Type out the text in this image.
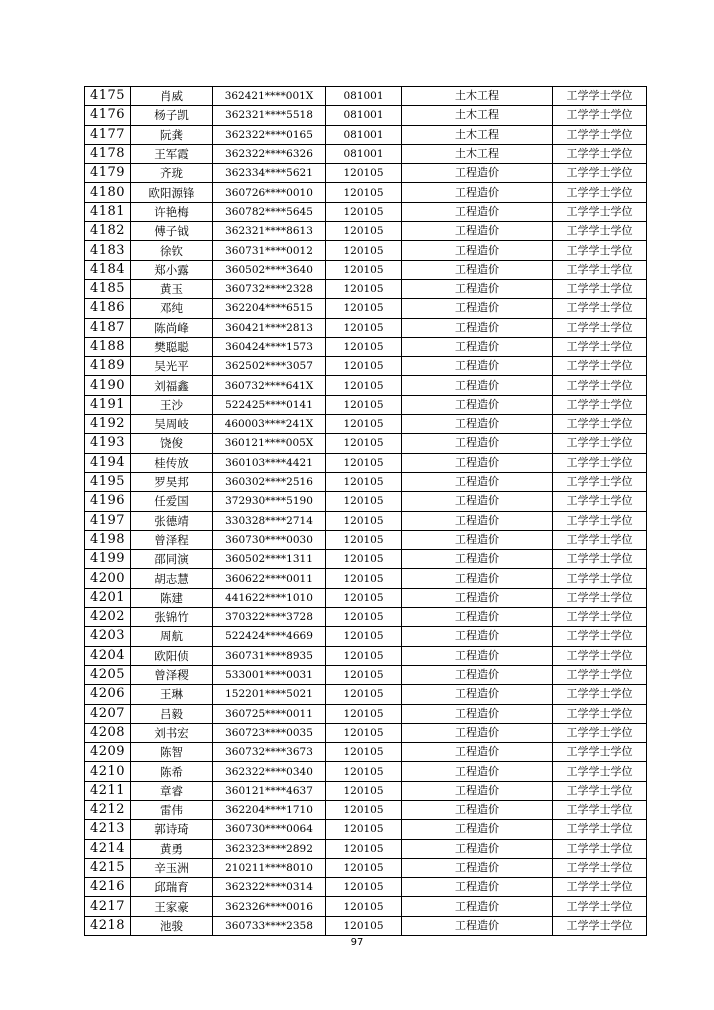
4175	肖威	362421****001X	081001	土木工程	工学学士学位
4176	杨子凯	362321****5518	081001	土木工程	工学学士学位
4177	阮龚	362322****0165	081001	土木工程	工学学士学位
4178	王军霞	362322****6326	081001	土木工程	工学学士学位
4179	齐珑	362334****5621	120105	工程造价	工学学士学位
4180	欧阳源锋	360726****0010	120105	工程造价	工学学士学位
4181	许艳梅	360782****5645	120105	工程造价	工学学士学位
4182	傅子钺	362321****8613	120105	工程造价	工学学士学位
4183	徐钦	360731****0012	120105	工程造价	工学学士学位
4184	郑小露	360502****3640	120105	工程造价	工学学士学位
4185	黄玉	360732****2328	120105	工程造价	工学学士学位
4186	邓纯	362204****6515	120105	工程造价	工学学士学位
4187	陈尚峰	360421****2813	120105	工程造价	工学学士学位
4188	樊聪聪	360424****1573	120105	工程造价	工学学士学位
4189	吴光平	362502****3057	120105	工程造价	工学学士学位
4190	刘福鑫	360732****641X	120105	工程造价	工学学士学位
4191	王沙	522425****0141	120105	工程造价	工学学士学位
4192	吴周岐	460003****241X	120105	工程造价	工学学士学位
4193	饶俊	360121****005X	120105	工程造价	工学学士学位
4194	桂传放	360103****4421	120105	工程造价	工学学士学位
4195	罗昊邦	360302****2516	120105	工程造价	工学学士学位
4196	任爱国	372930****5190	120105	工程造价	工学学士学位
4197	张德靖	330328****2714	120105	工程造价	工学学士学位
4198	曾泽程	360730****0030	120105	工程造价	工学学士学位
4199	邵同演	360502****1311	120105	工程造价	工学学士学位
4200	胡志慧	360622****0011	120105	工程造价	工学学士学位
4201	陈建	441622****1010	120105	工程造价	工学学士学位
4202	张锦竹	370322****3728	120105	工程造价	工学学士学位
4203	周航	522424****4669	120105	工程造价	工学学士学位
4204	欧阳侦	360731****8935	120105	工程造价	工学学士学位
4205	曾泽稷	533001****0031	120105	工程造价	工学学士学位
4206	王琳	152201****5021	120105	工程造价	工学学士学位
4207	吕毅	360725****0011	120105	工程造价	工学学士学位
4208	刘书宏	360723****0035	120105	工程造价	工学学士学位
4209	陈智	360732****3673	120105	工程造价	工学学士学位
4210	陈希	362322****0340	120105	工程造价	工学学士学位
4211	章睿	360121****4637	120105	工程造价	工学学士学位
4212	雷伟	362204****1710	120105	工程造价	工学学士学位
4213	郭诗琦	360730****0064	120105	工程造价	工学学士学位
4214	黄勇	362323****2892	120105	工程造价	工学学士学位
4215	辛玉洲	210211****8010	120105	工程造价	工学学士学位
4216	邱瑞育	362322****0314	120105	工程造价	工学学士学位
4217	王家豪	362326****0016	120105	工程造价	工学学士学位
4218	池骏	360733****2358	120105	工程造价	工学学士学位
97
